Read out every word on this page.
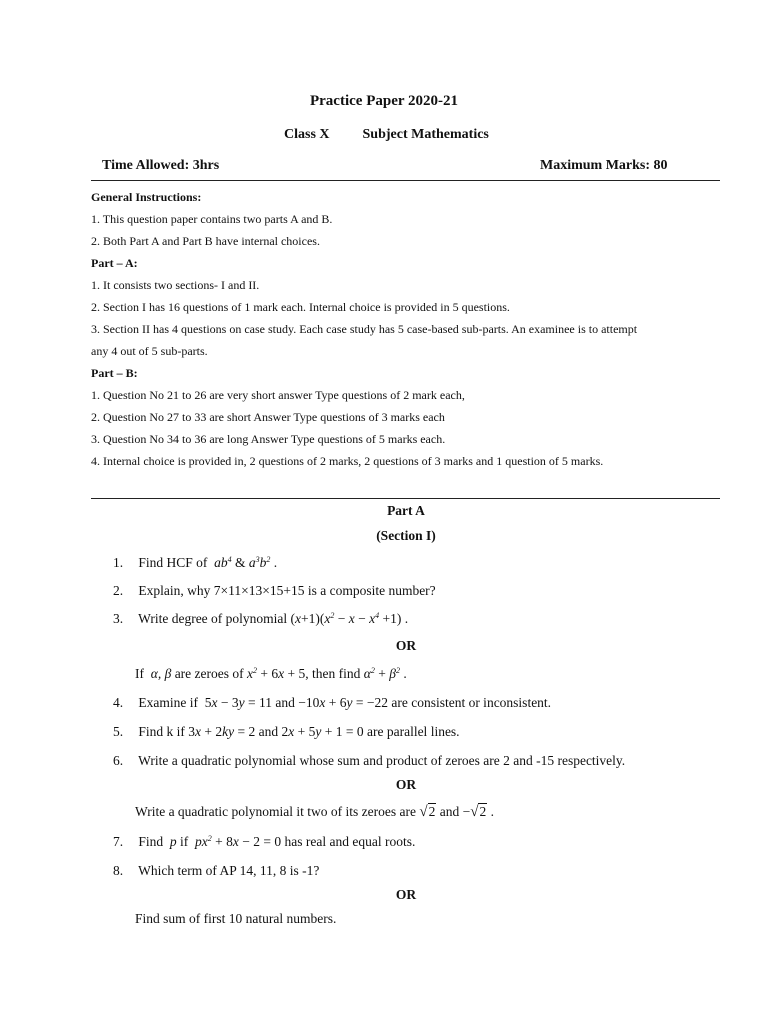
Practice Paper 2020-21
Class X Subject Mathematics
Time Allowed: 3hrs	Maximum Marks: 80
General Instructions:
1. This question paper contains two parts A and B.
2. Both Part A and Part B have internal choices.
Part – A:
1. It consists two sections- I and II.
2. Section I has 16 questions of 1 mark each. Internal choice is provided in 5 questions.
3. Section II has 4 questions on case study. Each case study has 5 case-based sub-parts. An examinee is to attempt
any 4 out of 5 sub-parts.
Part – B:
1. Question No 21 to 26 are very short answer Type questions of 2 mark each,
2. Question No 27 to 33 are short Answer Type questions of 3 marks each
3. Question No 34 to 36 are long Answer Type questions of 5 marks each.
4. Internal choice is provided in, 2 questions of 2 marks, 2 questions of 3 marks and 1 question of 5 marks.
Part A
(Section I)
1. Find HCF of $ab^4$ & $a^3b^2$ .
2. Explain, why 7×11×13×15+15 is a composite number?
3. Write degree of polynomial $(x+1)(x^2 - x - x^4 +1)$ .
OR
If  α, β are zeroes of $x^2 + 6x + 5$, then find $\alpha^2 + \beta^2$ .
4. Examine if 5x − 3y = 11 and −10x + 6y = −22 are consistent or inconsistent.
5. Find k if 3x + 2ky = 2 and 2x + 5y + 1 = 0 are parallel lines.
6. Write a quadratic polynomial whose sum and product of zeroes are 2 and -15 respectively.
OR
Write a quadratic polynomial it two of its zeroes are √2 and −√2 .
7. Find p if $px^2 + 8x - 2 = 0$ has real and equal roots.
8. Which term of AP 14, 11, 8 is -1?
OR
Find sum of first 10 natural numbers.
